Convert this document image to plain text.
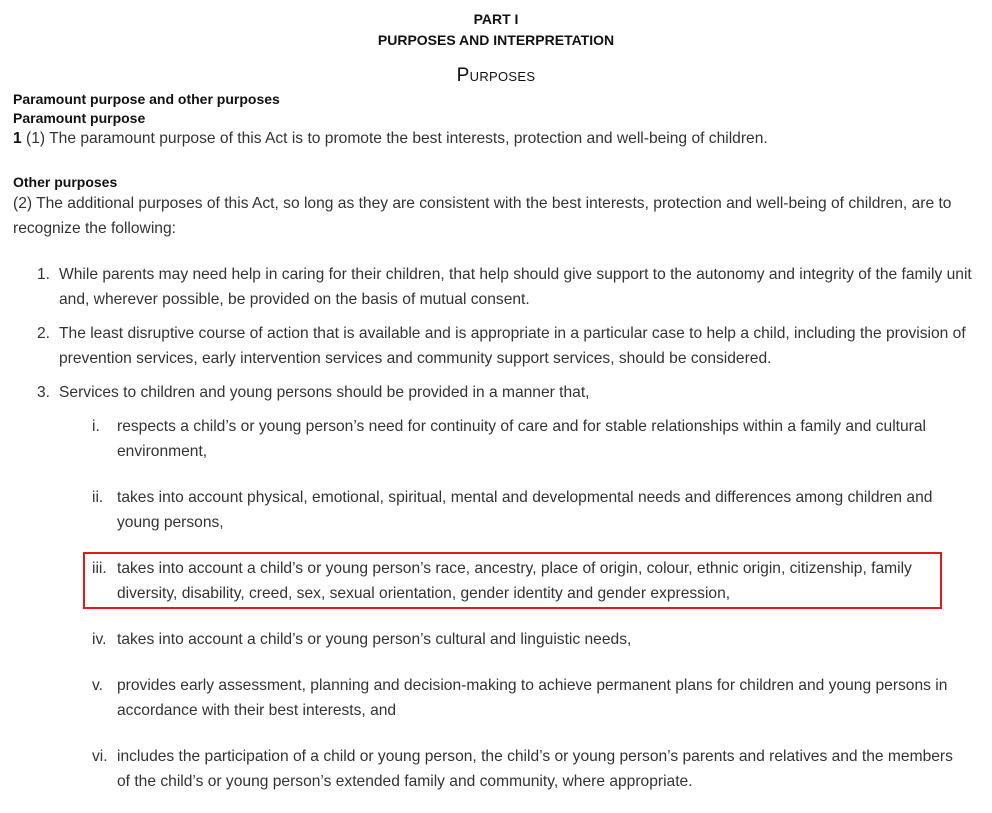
PART I
PURPOSES AND INTERPRETATION
Purposes
Paramount purpose and other purposes
Paramount purpose
1 (1) The paramount purpose of this Act is to promote the best interests, protection and well-being of children.
Other purposes
(2) The additional purposes of this Act, so long as they are consistent with the best interests, protection and well-being of children, are to recognize the following:
1. While parents may need help in caring for their children, that help should give support to the autonomy and integrity of the family unit and, wherever possible, be provided on the basis of mutual consent.
2. The least disruptive course of action that is available and is appropriate in a particular case to help a child, including the provision of prevention services, early intervention services and community support services, should be considered.
3. Services to children and young persons should be provided in a manner that,
i.	respects a child’s or young person’s need for continuity of care and for stable relationships within a family and cultural environment,
ii. takes into account physical, emotional, spiritual, mental and developmental needs and differences among children and young persons,
iii. takes into account a child’s or young person’s race, ancestry, place of origin, colour, ethnic origin, citizenship, family diversity, disability, creed, sex, sexual orientation, gender identity and gender expression,
iv. takes into account a child’s or young person’s cultural and linguistic needs,
v. provides early assessment, planning and decision-making to achieve permanent plans for children and young persons in accordance with their best interests, and
vi. includes the participation of a child or young person, the child’s or young person’s parents and relatives and the members of the child’s or young person’s extended family and community, where appropriate.
